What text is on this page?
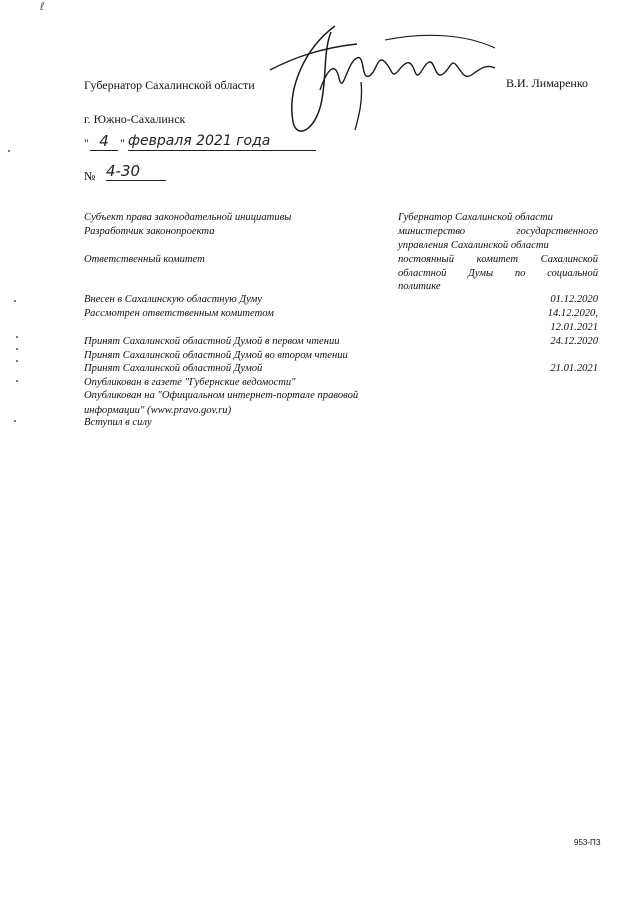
ℓ
Губернатор Сахалинской области	В.И. Лимаренко
г. Южно-Сахалинск
" 4 " февраля 2021 года
№ 4-30
Субъект права законодательной инициативы
Разработчик законопроекта
Ответственный комитет
Внесен в Сахалинскую областную Думу
Рассмотрен ответственным комитетом
Принят Сахалинской областной Думой в первом чтении
Принят Сахалинской областной Думой во втором чтении
Принят Сахалинской областной Думой
Опубликован в газете "Губернские ведомости"
Опубликован на "Официальном интернет-портале правовой информации" (www.pravo.gov.ru)
Вступил в силу
Губернатор Сахалинской области
министерство государственного
управления Сахалинской области
постоянный комитет Сахалинской
областной Думы по социальной
политике
01.12.2020
14.12.2020,
12.01.2021
24.12.2020
21.01.2021
953-ПЗ
